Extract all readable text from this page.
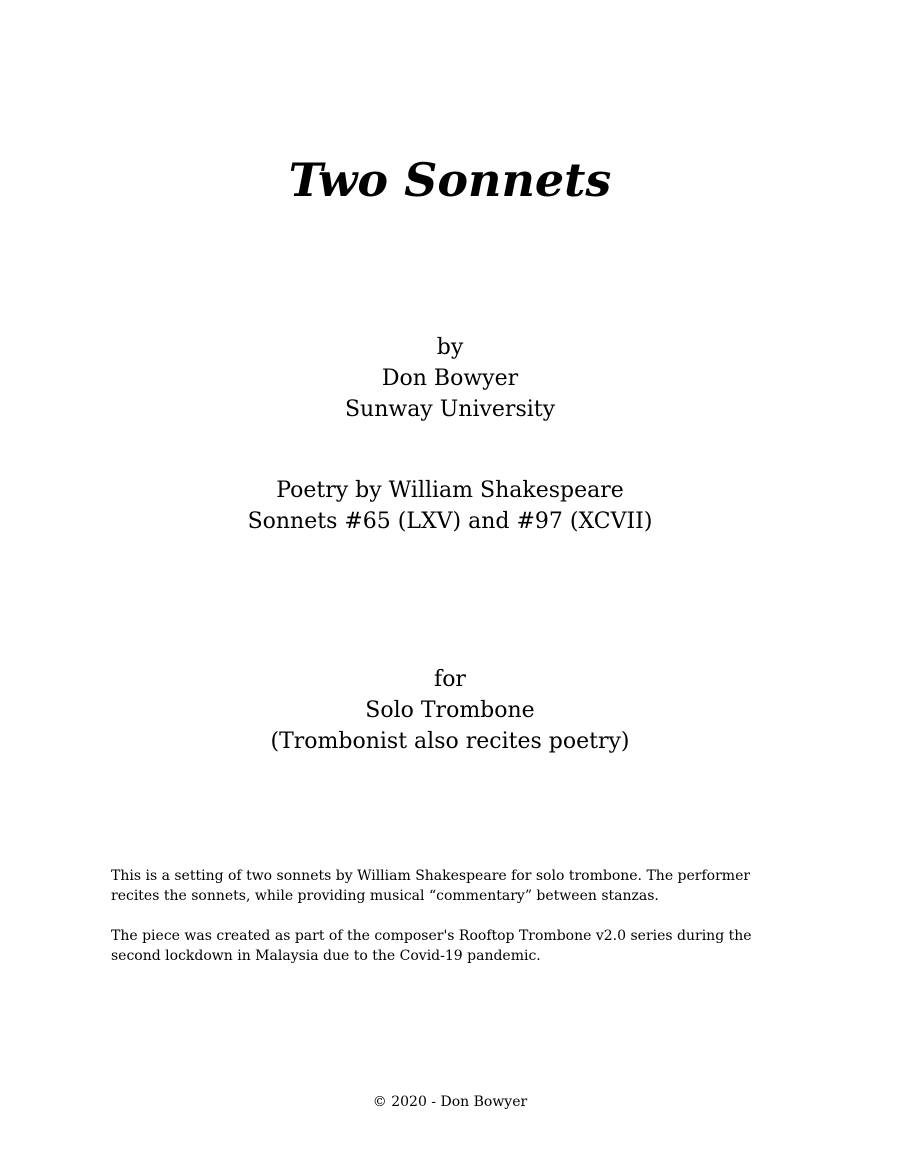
Two Sonnets
by
Don Bowyer
Sunway University
Poetry by William Shakespeare
Sonnets #65 (LXV) and #97 (XCVII)
for
Solo Trombone
(Trombonist also recites poetry)

This is a setting of two sonnets by William Shakespeare for solo trombone. The performer recites the sonnets, while providing musical “commentary” between stanzas.

The piece was created as part of the composer's Rooftop Trombone v2.0 series during the second lockdown in Malaysia due to the Covid-19 pandemic.

© 2020 - Don Bowyer
